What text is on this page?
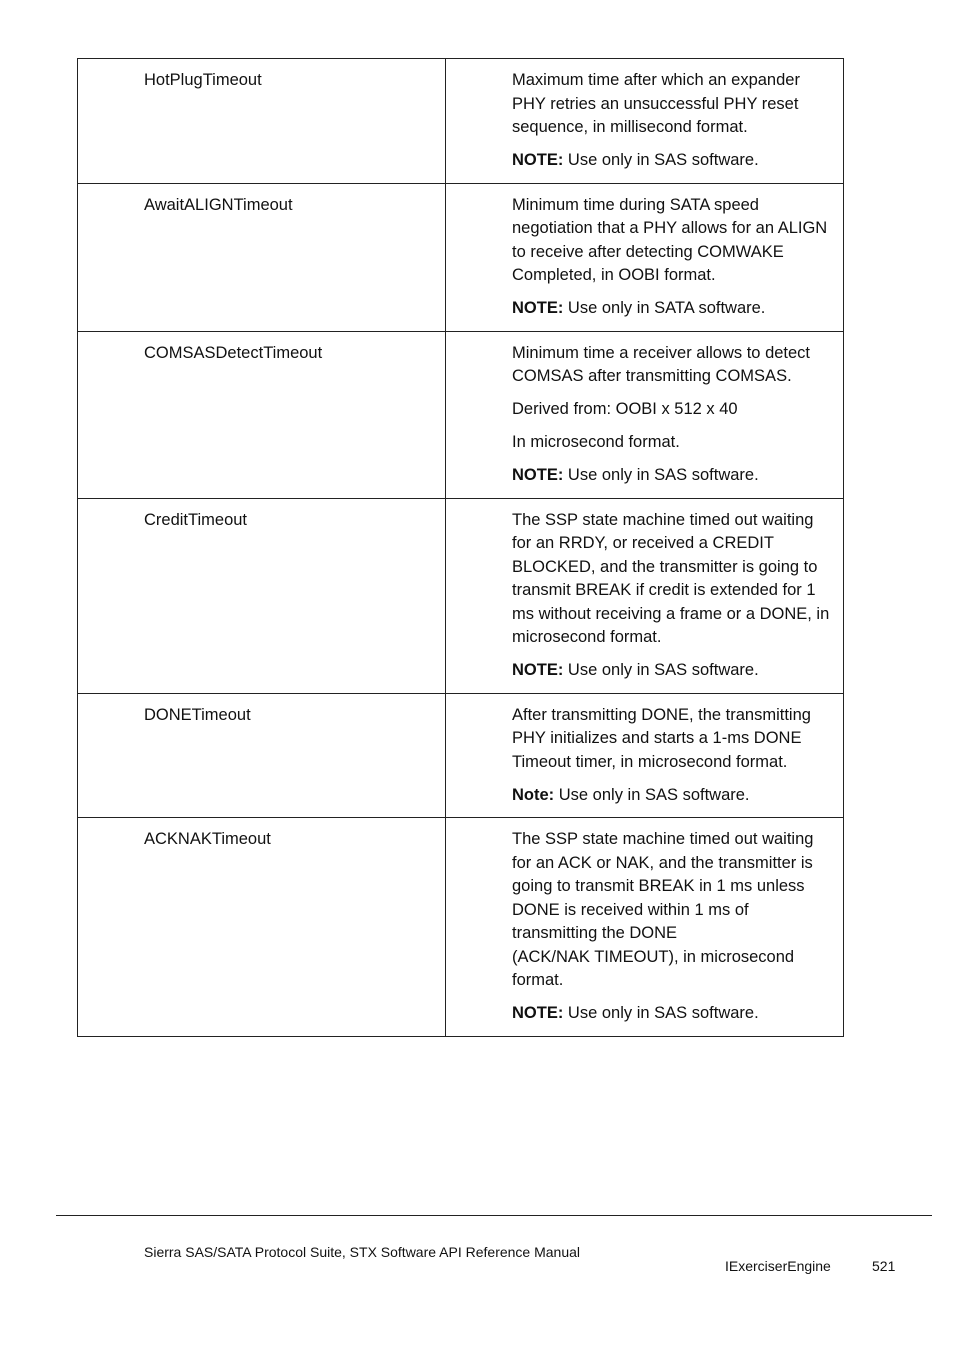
HotPlugTimeout	Maximum time after which an expander PHY retries an unsuccessful PHY reset sequence, in millisecond format.

NOTE: Use only in SAS software.

AwaitALIGNTimeout	Minimum time during SATA speed negotiation that a PHY allows for an ALIGN to receive after detecting COMWAKE Completed, in OOBI format.

NOTE: Use only in SATA software.

COMSASDetectTimeout	Minimum time a receiver allows to detect COMSAS after transmitting COMSAS.

Derived from: OOBI x 512 x 40

In microsecond format.

NOTE: Use only in SAS software.

CreditTimeout	The SSP state machine timed out waiting for an RRDY, or received a CREDIT BLOCKED, and the transmitter is going to transmit BREAK if credit is extended for 1 ms without receiving a frame or a DONE, in microsecond format.

NOTE: Use only in SAS software.

DONETimeout	After transmitting DONE, the transmitting PHY initializes and starts a 1-ms DONE Timeout timer, in microsecond format.

Note: Use only in SAS software.

ACKNAKTimeout	The SSP state machine timed out waiting for an ACK or NAK, and the transmitter is going to transmit BREAK in 1 ms unless DONE is received within 1 ms of transmitting the DONE
(ACK/NAK TIMEOUT), in microsecond format.

NOTE: Use only in SAS software.

Sierra SAS/SATA Protocol Suite, STX Software API Reference Manual
IExerciserEngine	521
